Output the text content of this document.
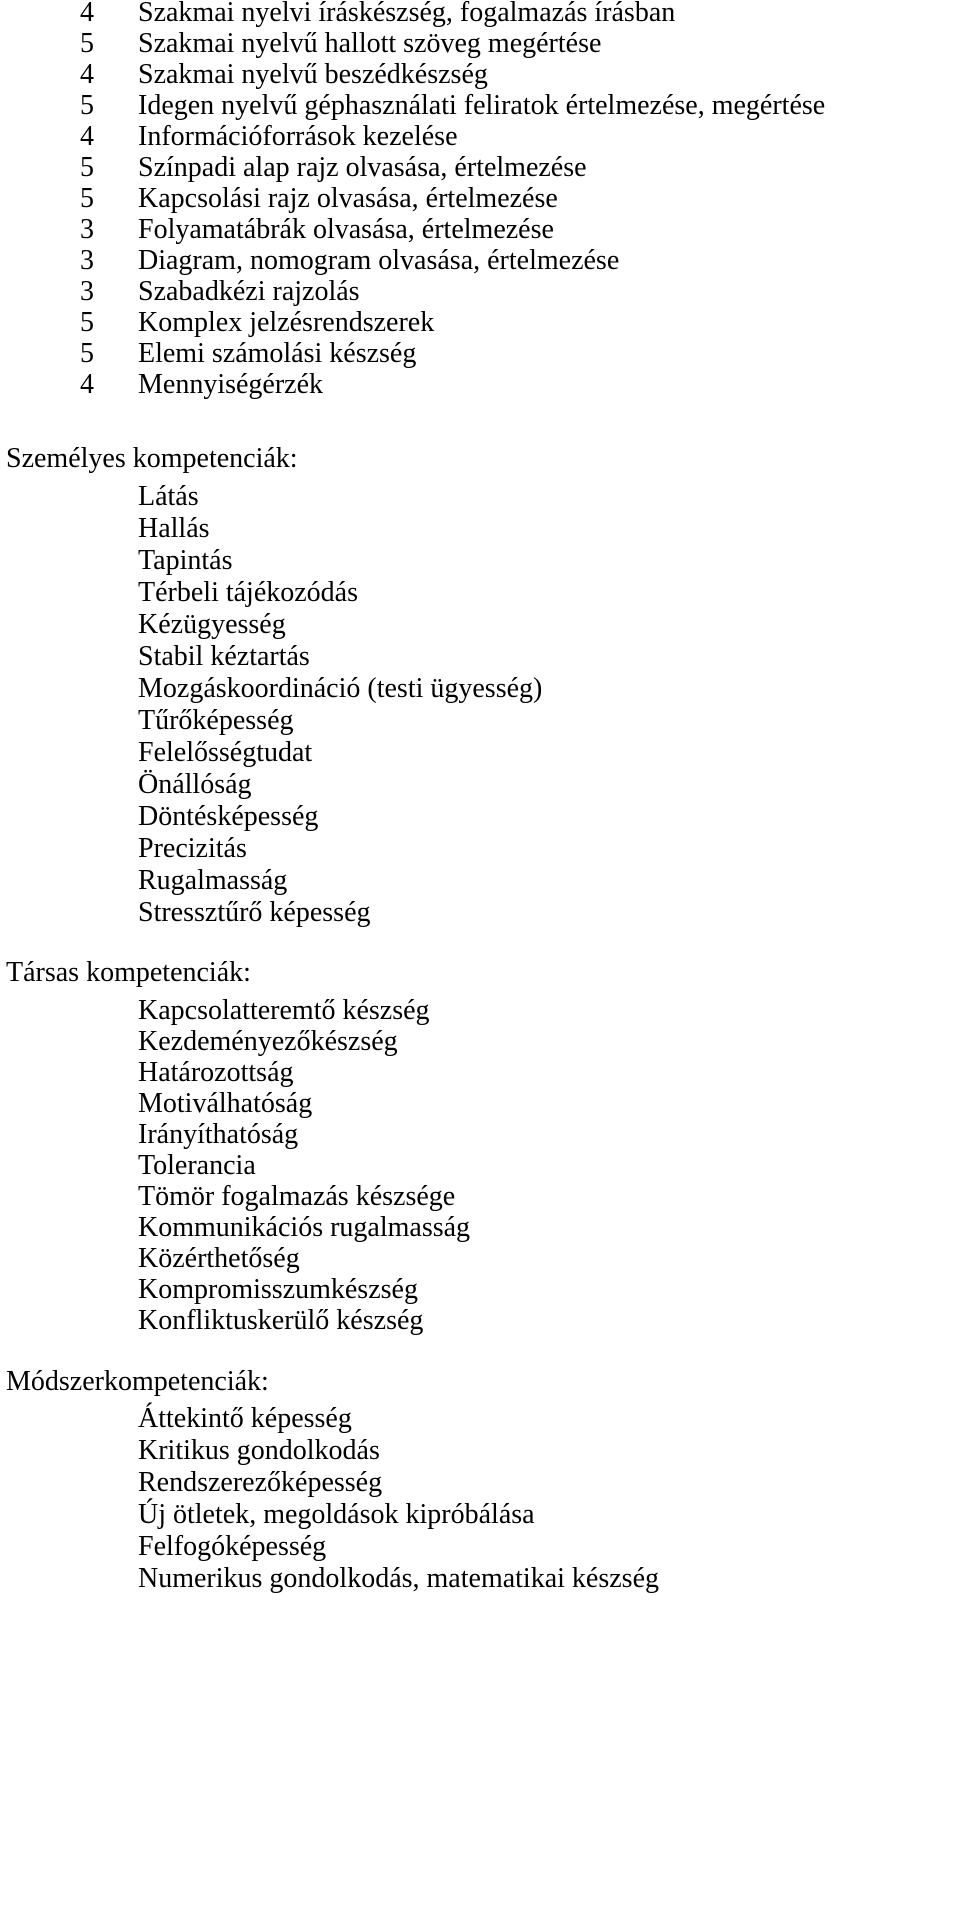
4 Szakmai nyelvi íráskészség, fogalmazás írásban
5 Szakmai nyelvű hallott szöveg megértése
4 Szakmai nyelvű beszédkészség
5 Idegen nyelvű géphasználati feliratok értelmezése, megértése
4 Információforrások kezelése
5 Színpadi alap rajz olvasása, értelmezése
5 Kapcsolási rajz olvasása, értelmezése
3 Folyamatábrák olvasása, értelmezése
3 Diagram, nomogram olvasása, értelmezése
3 Szabadkézi rajzolás
5 Komplex jelzésrendszerek
5 Elemi számolási készség
4 Mennyiségérzék
Személyes kompetenciák:
Látás
Hallás
Tapintás
Térbeli tájékozódás
Kézügyesség
Stabil kéztartás
Mozgáskoordináció (testi ügyesség)
Tűrőképesség
Felelősségtudat
Önállóság
Döntésképesség
Precizitás
Rugalmasság
Stressztűrő képesség
Társas kompetenciák:
Kapcsolatteremtő készség
Kezdeményezőkészség
Határozottság
Motiválhatóság
Irányíthatóság
Tolerancia
Tömör fogalmazás készsége
Kommunikációs rugalmasság
Közérthetőség
Kompromisszumkészség
Konfliktuskerülő készség
Módszerkompetenciák:
Áttekintő képesség
Kritikus gondolkodás
Rendszerezőképesség
Új ötletek, megoldások kipróbálása
Felfogóképesség
Numerikus gondolkodás, matematikai készség
